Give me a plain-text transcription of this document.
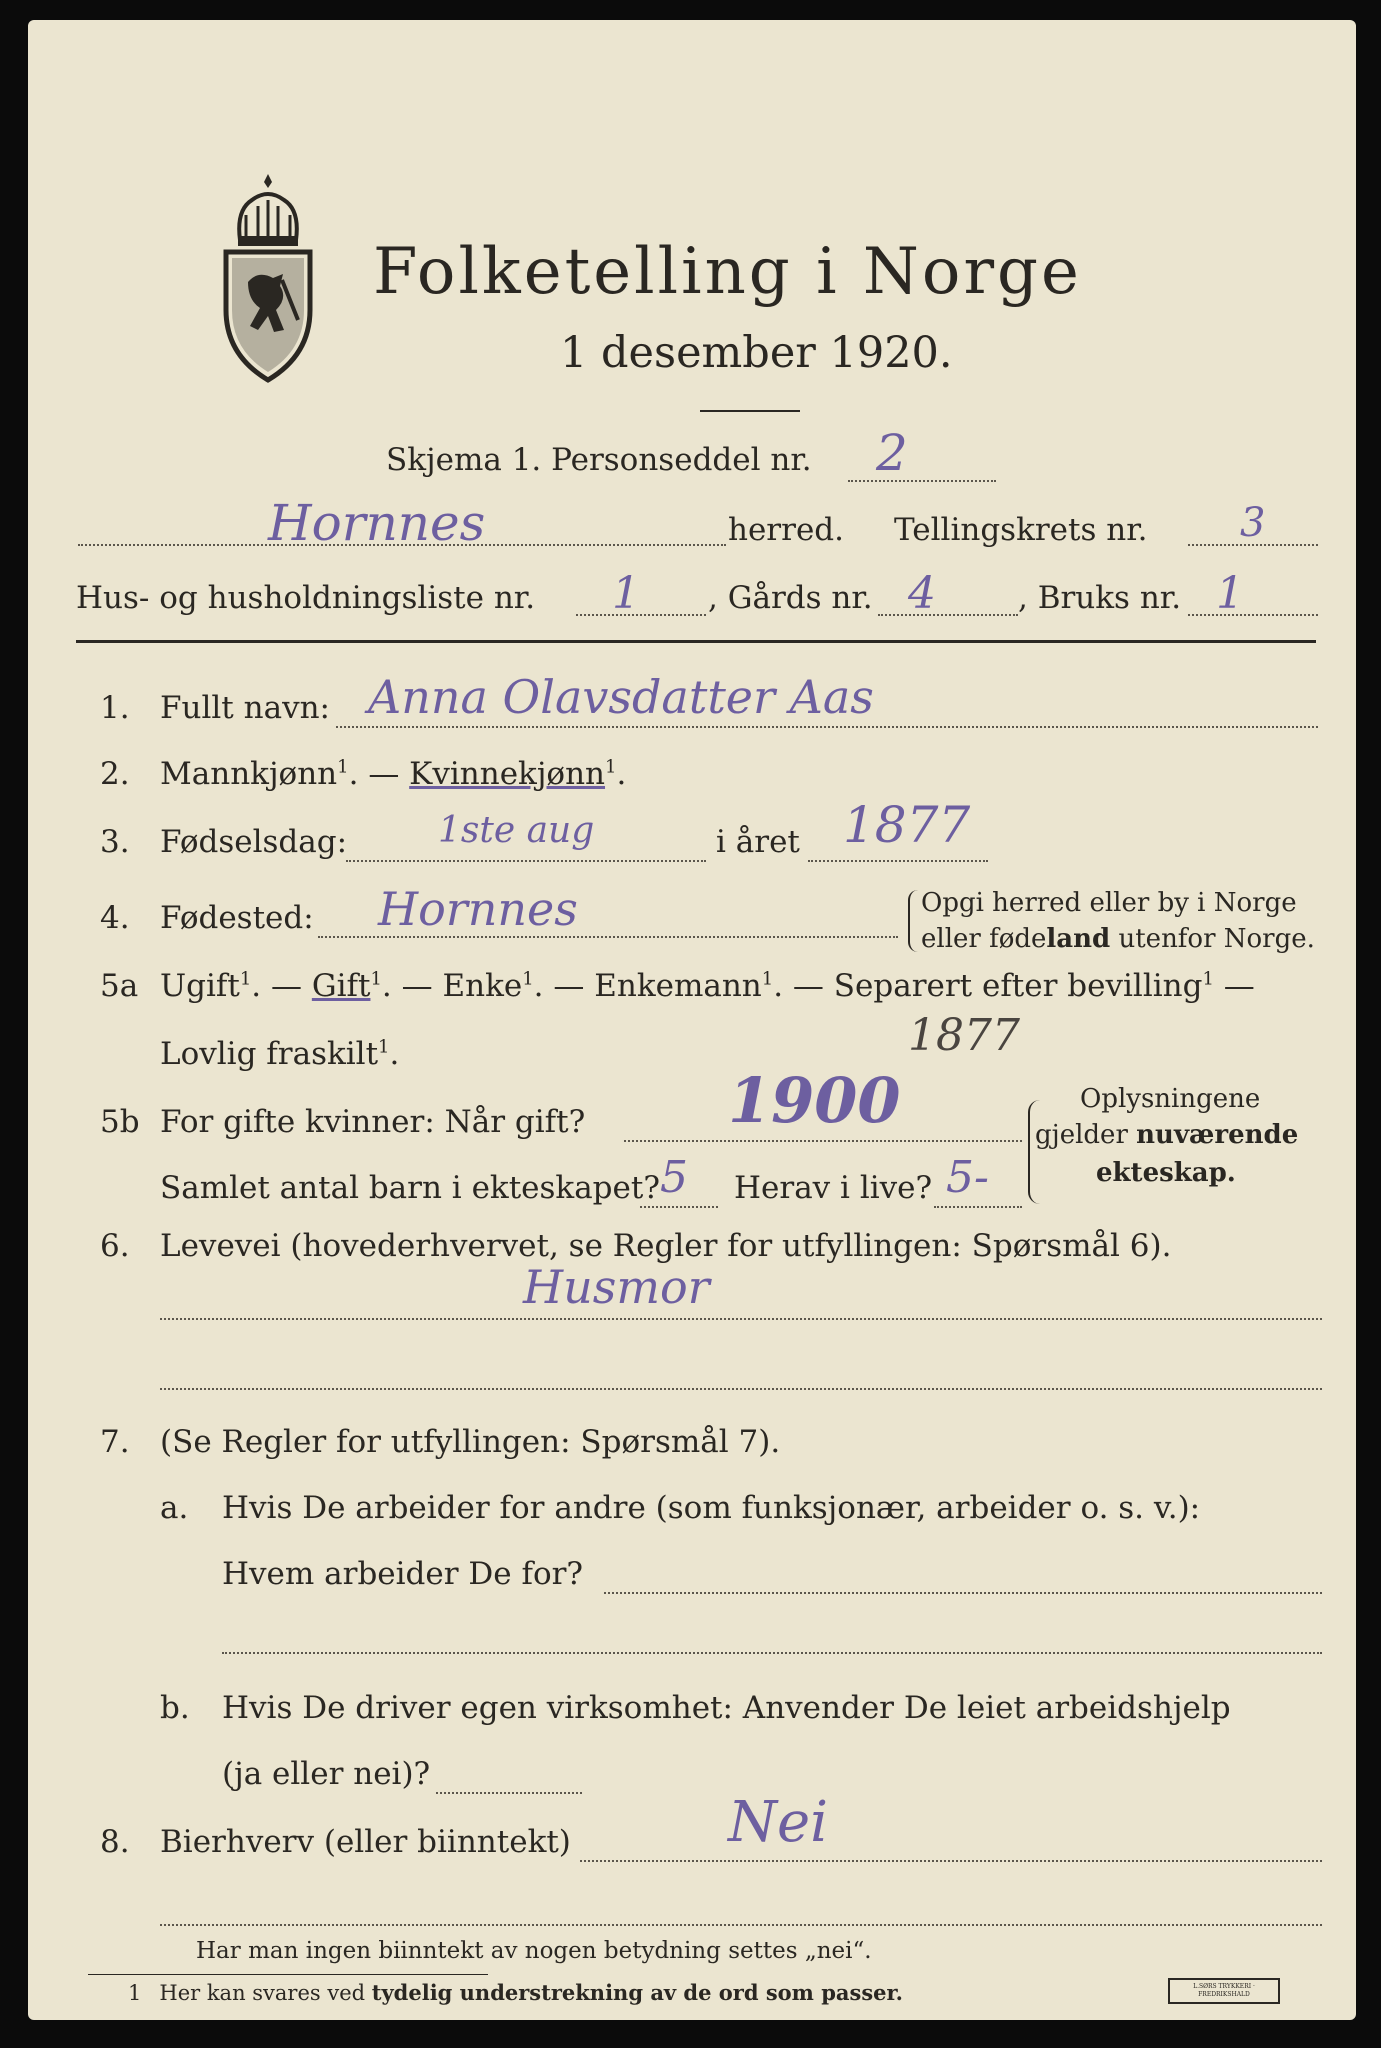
Folketelling i Norge
1 desember 1920.
Skjema 1. Personseddel nr. 2
Hornnes	herred. Tellingskrets nr. 3
Hus- og husholdningsliste nr. 1 , Gårds nr. 4	, Bruks nr. 1
1. Fullt navn: Anna Olavsdatter Aas
2. Mannkjønn$^1$. — Kvinnekjønn$^1$.
3. Fødselsdag:	1ste aug	i året 1877
4. Fødested: Hornnes	Opgi herred eller by i Norge
eller fødeland utenfor Norge.
5a Ugift$^1$. — Gift$^1$. — Enke$^1$. — Enkemann$^1$. — Separert efter bevilling$^1$ —
Lovlig fraskilt$^1$.	1877
5b For gifte kvinner: Når gift? 1900
Samlet antal barn i ekteskapet? 5 Herav i live? 5-
Oplysningene
gjelder nuværende
ekteskap.
6. Levevei (hovederhvervet, se Regler for utfyllingen: Spørsmål 6).
Husmor
7. (Se Regler for utfyllingen: Spørsmål 7).
a. Hvis De arbeider for andre (som funksjonær, arbeider o. s. v.):
Hvem arbeider De for?
b. Hvis De driver egen virksomhet: Anvender De leiet arbeidshjelp
(ja eller nei)?
8. Bierhverv (eller biinntekt)	Nei
Har man ingen biinntekt av nogen betydning settes „nei“.
1 Her kan svares ved tydelig understrekning av de ord som passer.	L.SØRS TRYKKERI · FREDRIKSHALD
